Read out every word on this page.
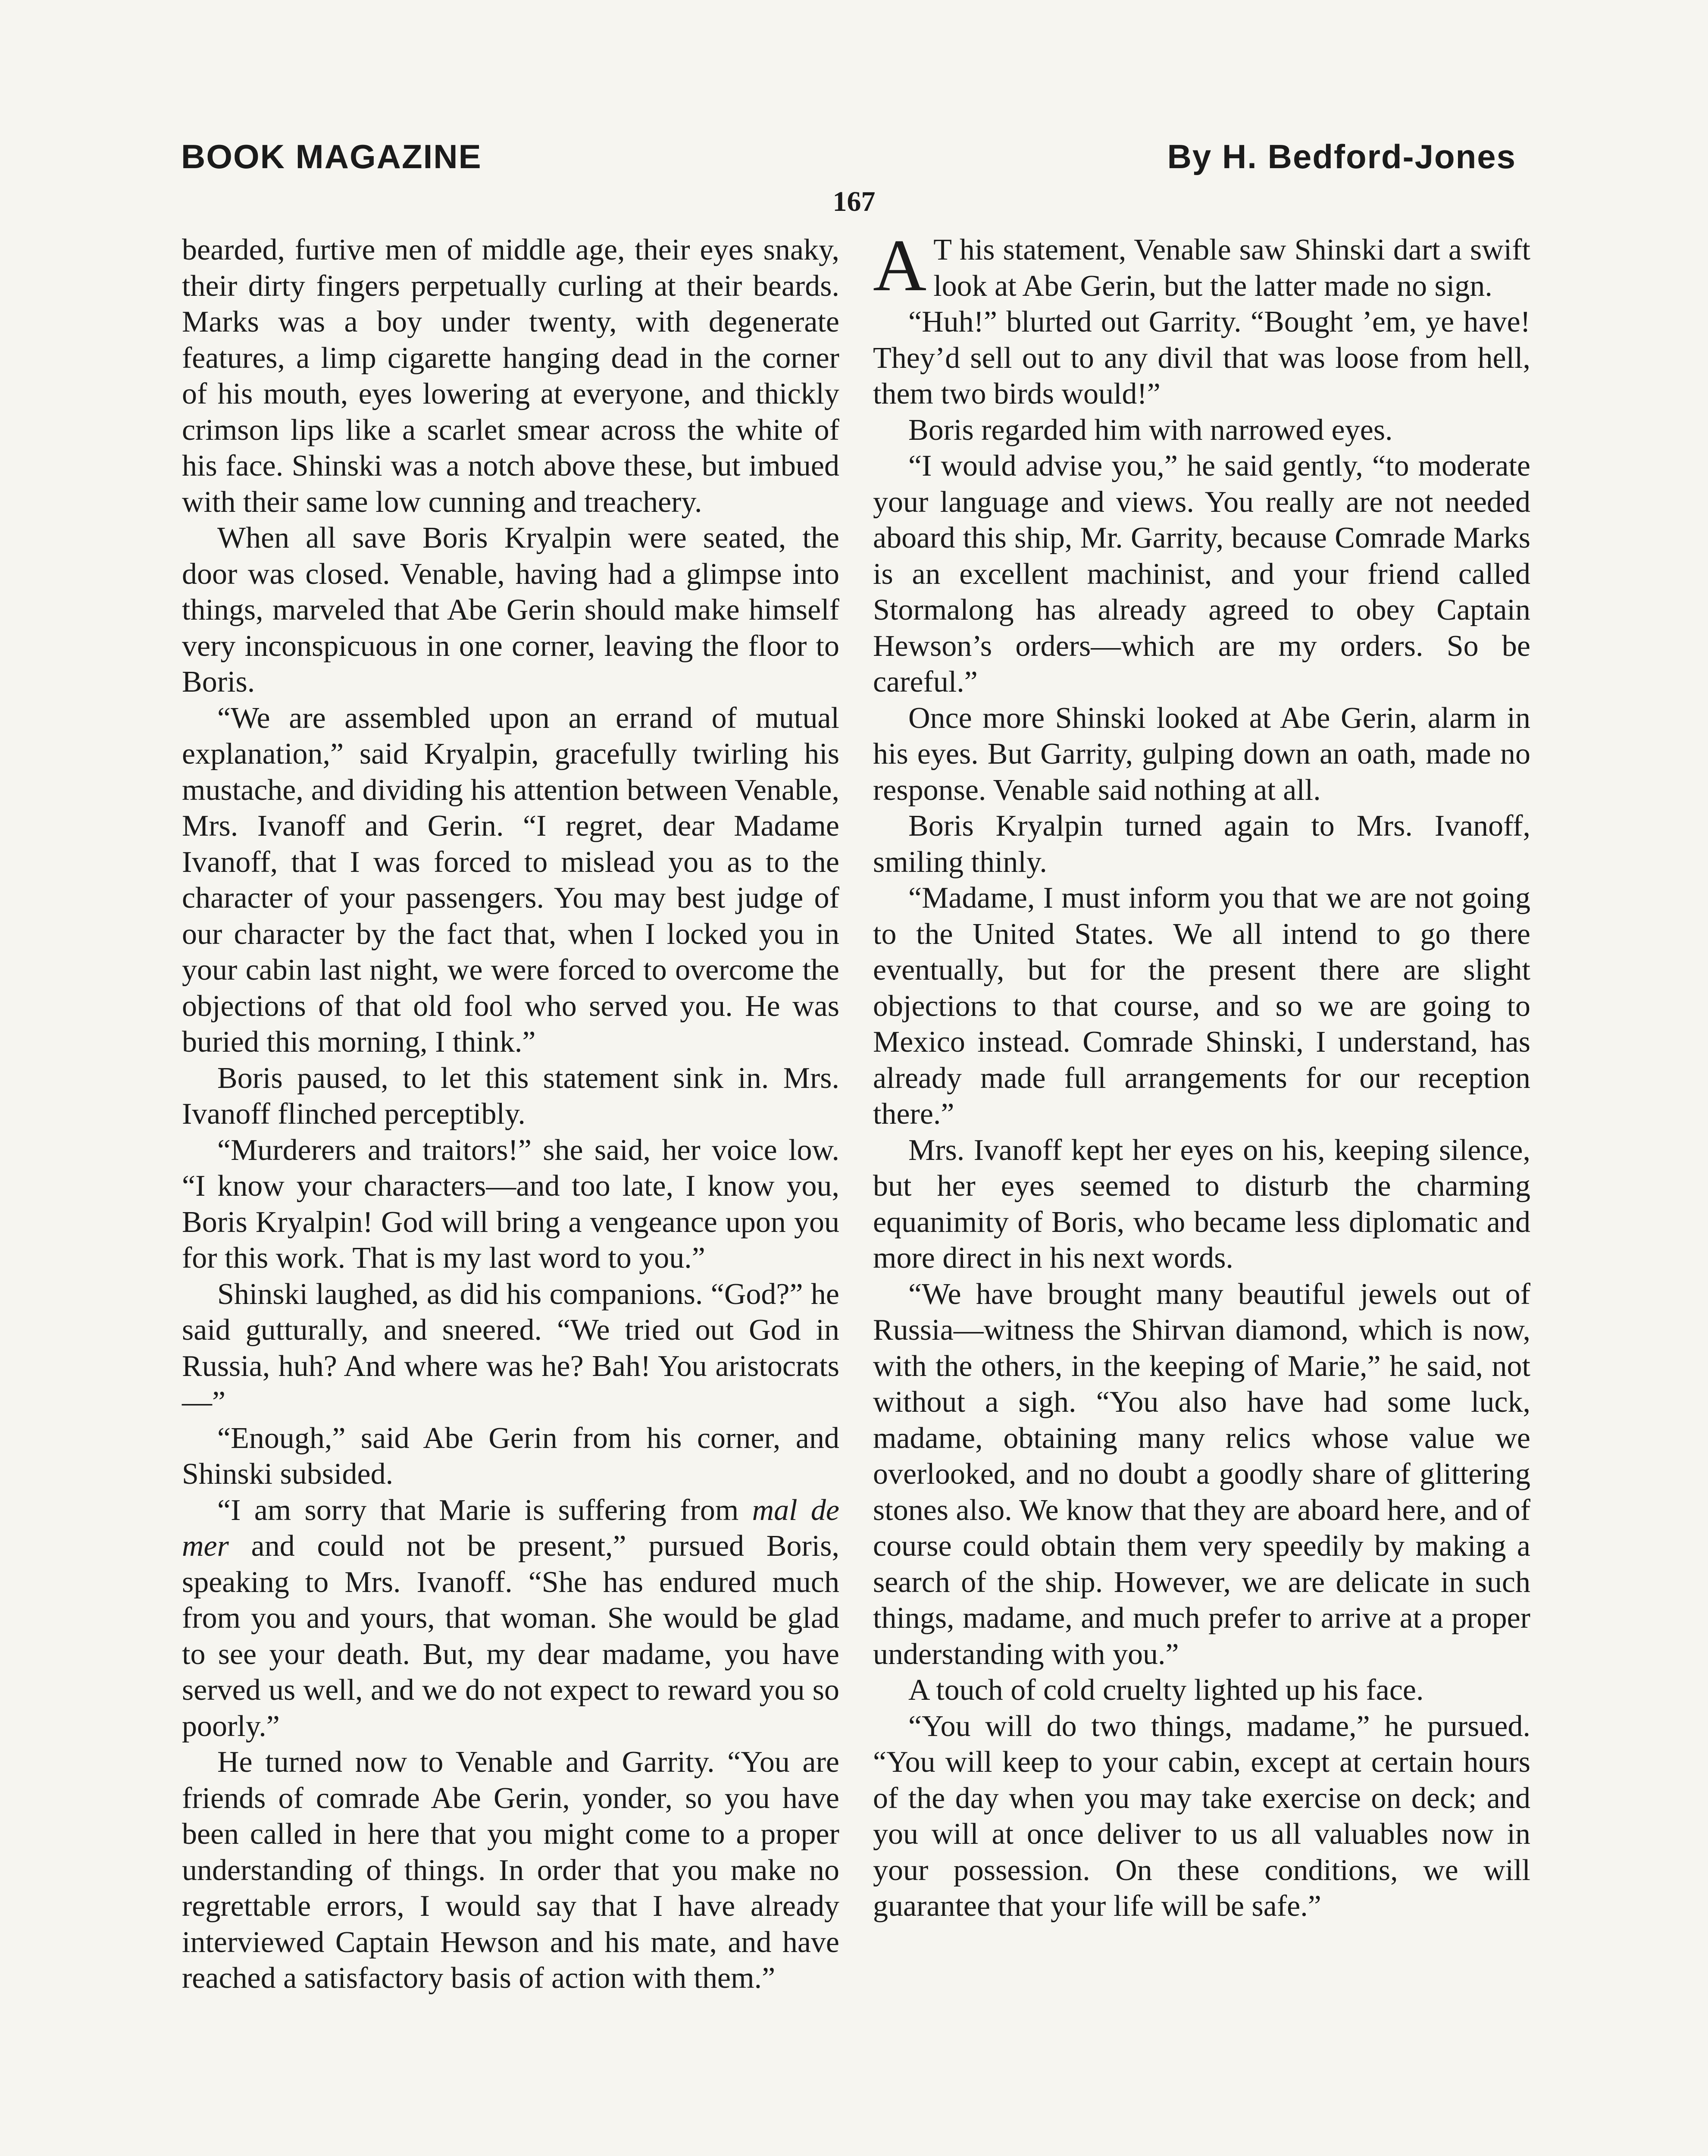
BOOK MAGAZINE	By H. Bedford-Jones
167

bearded, furtive men of middle age, their eyes snaky, their dirty fingers perpetually curling at their beards. Marks was a boy under twenty, with degenerate features, a limp cigarette hanging dead in the corner of his mouth, eyes lowering at everyone, and thickly crimson lips like a scarlet smear across the white of his face. Shinski was a notch above these, but imbued with their same low cunning and treachery.

When all save Boris Kryalpin were seated, the door was closed. Venable, having had a glimpse into things, marveled that Abe Gerin should make himself very inconspicuous in one corner, leaving the floor to Boris.

“We are assembled upon an errand of mutual explanation,” said Kryalpin, gracefully twirling his mustache, and dividing his attention between Venable, Mrs. Ivanoff and Gerin. “I regret, dear Madame Ivanoff, that I was forced to mislead you as to the character of your passengers. You may best judge of our character by the fact that, when I locked you in your cabin last night, we were forced to overcome the objections of that old fool who served you. He was buried this morning, I think.”

Boris paused, to let this statement sink in. Mrs. Ivanoff flinched perceptibly.

“Murderers and traitors!” she said, her voice low. “I know your characters—and too late, I know you, Boris Kryalpin! God will bring a vengeance upon you for this work. That is my last word to you.”

Shinski laughed, as did his companions. “God?” he said gutturally, and sneered. “We tried out God in Russia, huh? And where was he? Bah! You aristocrats—”

“Enough,” said Abe Gerin from his corner, and Shinski subsided.

“I am sorry that Marie is suffering from mal de mer and could not be present,” pursued Boris, speaking to Mrs. Ivanoff. “She has endured much from you and yours, that woman. She would be glad to see your death. But, my dear madame, you have served us well, and we do not expect to reward you so poorly.”

He turned now to Venable and Garrity. “You are friends of comrade Abe Gerin, yonder, so you have been called in here that you might come to a proper understanding of things. In order that you make no regrettable errors, I would say that I have already interviewed Captain Hewson and his mate, and have reached a satisfactory basis of action with them.”

A T his statement, Venable saw Shinski dart a swift look at Abe Gerin, but the latter made no sign.

“Huh!” blurted out Garrity. “Bought ’em, ye have! They’d sell out to any divil that was loose from hell, them two birds would!”

Boris regarded him with narrowed eyes.

“I would advise you,” he said gently, “to moderate your language and views. You really are not needed aboard this ship, Mr. Garrity, because Comrade Marks is an excellent machinist, and your friend called Stormalong has already agreed to obey Captain Hewson’s orders—which are my orders. So be careful.”

Once more Shinski looked at Abe Gerin, alarm in his eyes. But Garrity, gulping down an oath, made no response. Venable said nothing at all.

Boris Kryalpin turned again to Mrs. Ivanoff, smiling thinly.

“Madame, I must inform you that we are not going to the United States. We all intend to go there eventually, but for the present there are slight objections to that course, and so we are going to Mexico instead. Comrade Shinski, I understand, has already made full arrangements for our reception there.”

Mrs. Ivanoff kept her eyes on his, keeping silence, but her eyes seemed to disturb the charming equanimity of Boris, who became less diplomatic and more direct in his next words.

“We have brought many beautiful jewels out of Russia—witness the Shirvan diamond, which is now, with the others, in the keeping of Marie,” he said, not without a sigh. “You also have had some luck, madame, obtaining many relics whose value we overlooked, and no doubt a goodly share of glittering stones also. We know that they are aboard here, and of course could obtain them very speedily by making a search of the ship. However, we are delicate in such things, madame, and much prefer to arrive at a proper understanding with you.”

A touch of cold cruelty lighted up his face.

“You will do two things, madame,” he pursued. “You will keep to your cabin, except at certain hours of the day when you may take exercise on deck; and you will at once deliver to us all valuables now in your possession. On these conditions, we will guarantee that your life will be safe.”
